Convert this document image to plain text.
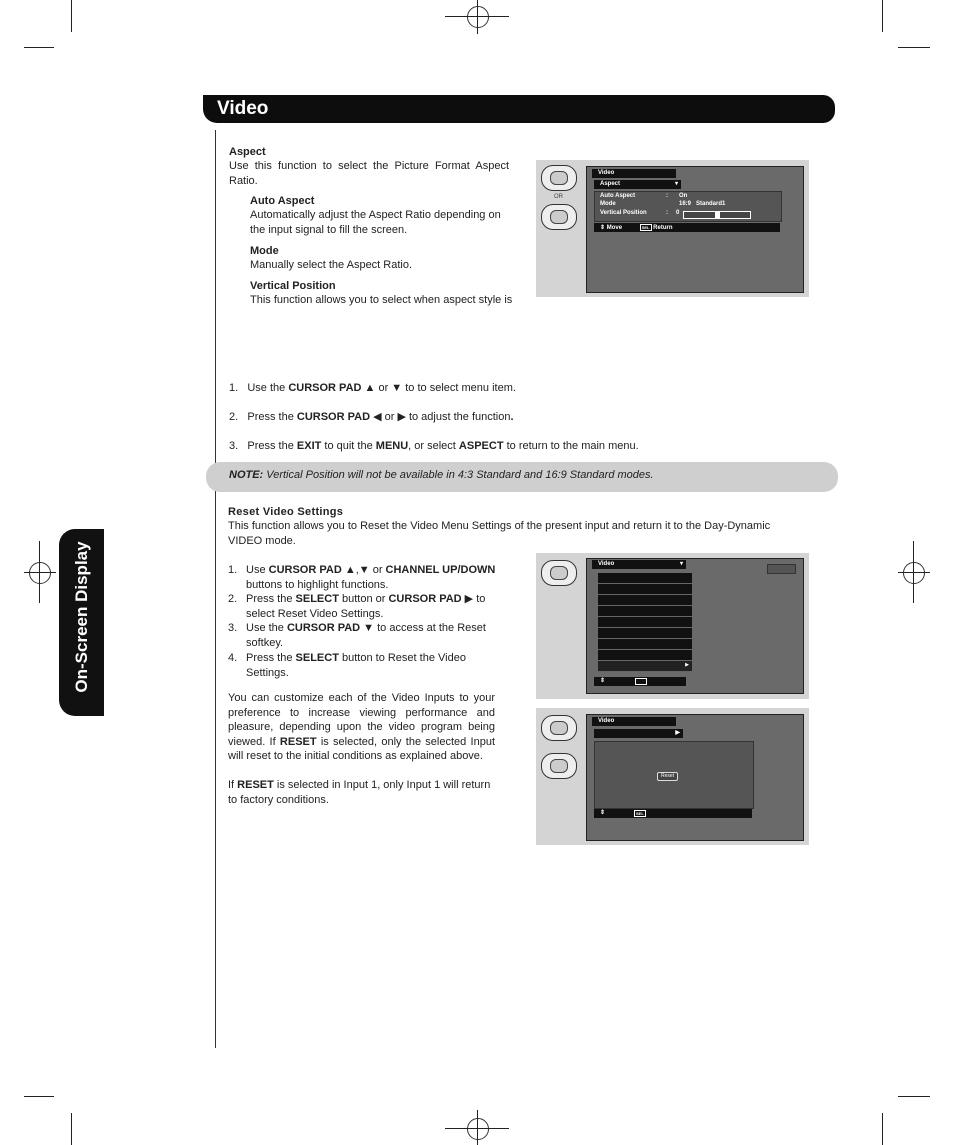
Video
On-Screen Display
Aspect
Use this function to select the Picture Format Aspect Ratio.
Auto Aspect
Automatically adjust the Aspect Ratio depending on the input signal to fill the screen.
Mode
Manually select the Aspect Ratio.
Vertical Position
This function allows you to select when aspect style is
OR
Video
Aspect	▾
Auto Aspect	: On
Mode	16:9   Standard1
Vertical Position	: 0
⇕ Move	SEL Return
1. Use the CURSOR PAD ▲ or ▼ to to select menu item.
2. Press the CURSOR PAD ◀ or ▶ to adjust the function.
3. Press the EXIT to quit the MENU, or select ASPECT to return to the main menu.
NOTE: Vertical Position will not be available in 4:3 Standard and 16:9 Standard modes.
Reset Video Settings
This function allows you to Reset the Video Menu Settings of the present input and return it to the Day-Dynamic VIDEO mode.
1. Use CURSOR PAD ▲,▼ or CHANNEL UP/DOWN buttons to highlight functions.
2. Press the SELECT button or CURSOR PAD ▶ to select Reset Video Settings.
3. Use the CURSOR PAD ▼ to access at the Reset softkey.
4. Press the SELECT button to Reset the Video Settings.
You can customize each of the Video Inputs to your preference to increase viewing performance and pleasure, depending upon the video program being viewed. If RESET is selected, only the selected Input will reset to the initial conditions as explained above.
If RESET is selected in Input 1, only Input 1 will return to factory conditions.
Video	▾
▶
⇕
Video
▶
Reset
⇕	SEL
